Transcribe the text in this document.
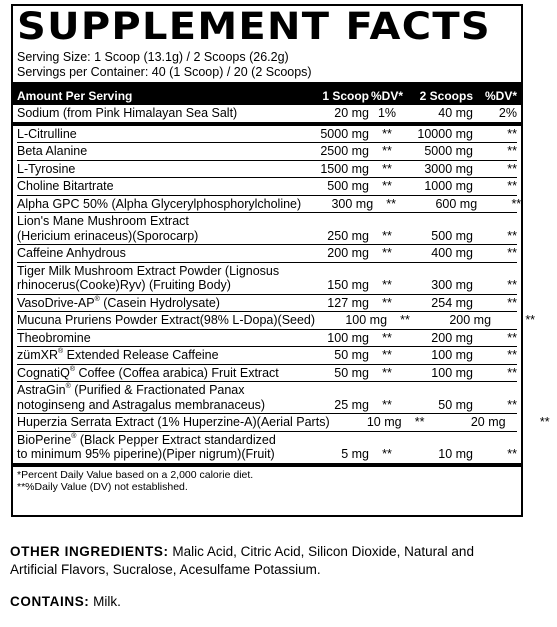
SUPPLEMENT FACTS
Serving Size: 1 Scoop (13.1g) / 2 Scoops (26.2g)
Servings per Container: 40 (1 Scoop) / 20 (2 Scoops)
Amount Per Serving	1 Scoop %DV*	2 Scoops %DV*
Sodium (from Pink Himalayan Sea Salt)	20 mg 1%	40 mg	2%
L-Citrulline	5000 mg	**	10000 mg	**
Beta Alanine	2500 mg	**	5000 mg	**
L-Tyrosine	1500 mg	**	3000 mg	**
Choline Bitartrate	500 mg	**	1000 mg	**
Alpha GPC 50% (Alpha Glycerylphosphorylcholine)	300 mg	**	600 mg	**
Lion's Mane Mushroom Extract
(Hericium erinaceus)(Sporocarp)	250 mg	**	500 mg	**
Caffeine Anhydrous	200 mg	**	400 mg	**
Tiger Milk Mushroom Extract Powder (Lignosus
rhinocerus(Cooke)Ryv) (Fruiting Body)	150 mg	**	300 mg	**
VasoDrive-AP® (Casein Hydrolysate)	127 mg	**	254 mg	**
Mucuna Pruriens Powder Extract(98% L-Dopa)(Seed)	100 mg	**	200 mg	**
Theobromine	100 mg	**	200 mg	**
zümXR® Extended Release Caffeine	50 mg	**	100 mg	**
CognatiQ® Coffee (Coffea arabica) Fruit Extract	50 mg	**	100 mg	**
AstraGin® (Purified & Fractionated Panax
notoginseng and Astragalus membranaceus)	25 mg	**	50 mg	**
Huperzia Serrata Extract (1% Huperzine-A)(Aerial Parts)	10 mg	**	20 mg	**
BioPerine® (Black Pepper Extract standardized
to minimum 95% piperine)(Piper nigrum)(Fruit)	5 mg	**	10 mg	**
*Percent Daily Value based on a 2,000 calorie diet.
**%Daily Value (DV) not established.
OTHER INGREDIENTS: Malic Acid, Citric Acid, Silicon Dioxide, Natural and Artificial Flavors, Sucralose, Acesulfame Potassium.
CONTAINS: Milk.
